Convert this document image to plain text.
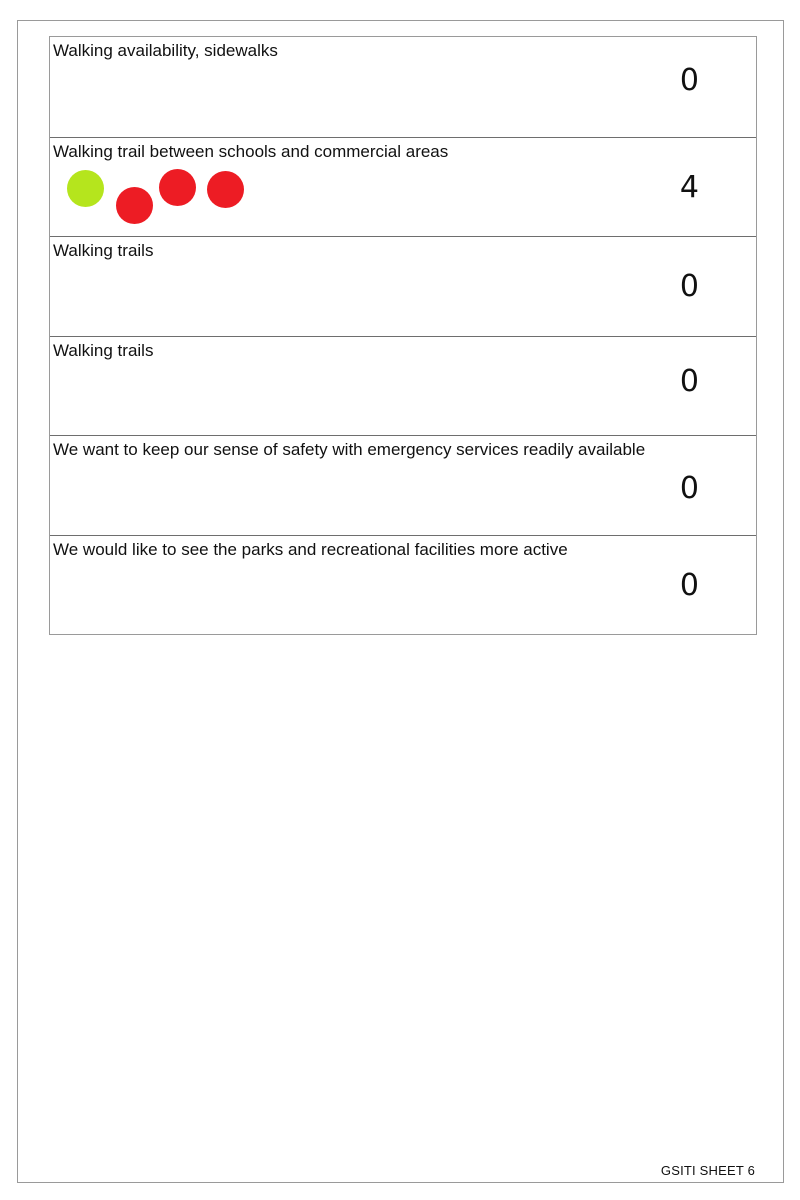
Walking availability, sidewalks
0
Walking trail between schools and commercial areas
4
Walking trails
0
Walking trails
0
We want to keep our sense of safety with emergency services readily available
0
We would like to see the parks and recreational facilities more active
0
GSITI SHEET 6
